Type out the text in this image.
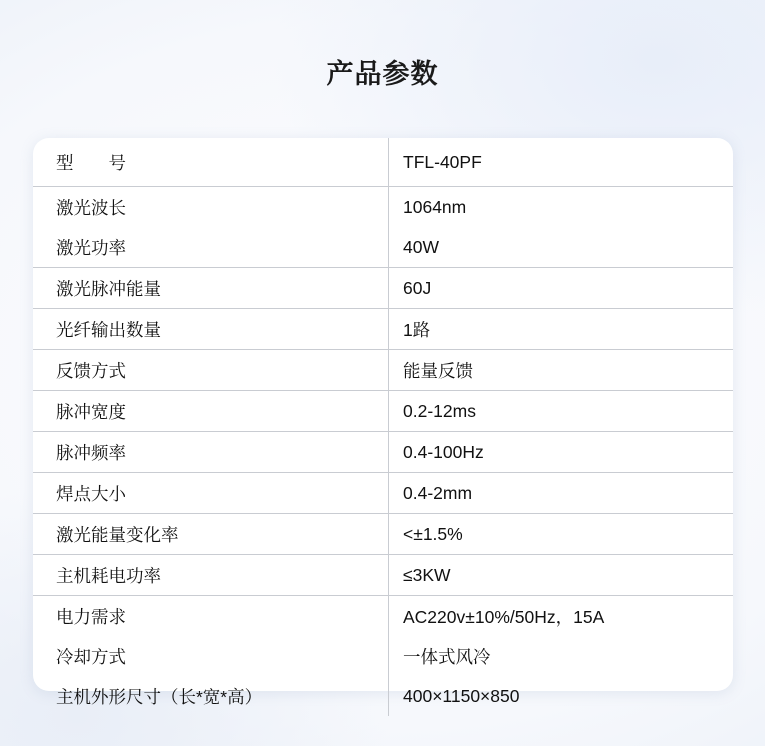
产品参数
型　　号	TFL-40PF
激光波长	1064nm
激光功率	40W
激光脉冲能量	60J
光纤输出数量	1路
反馈方式	能量反馈
脉冲宽度	0.2-12ms
脉冲频率	0.4-100Hz
焊点大小	0.4-2mm
激光能量变化率	<±1.5%
主机耗电功率	≤3KW
电力需求	AC220v±10%/50Hz，15A
冷却方式	一体式风冷
主机外形尺寸（长*宽*高）	400×1150×850
